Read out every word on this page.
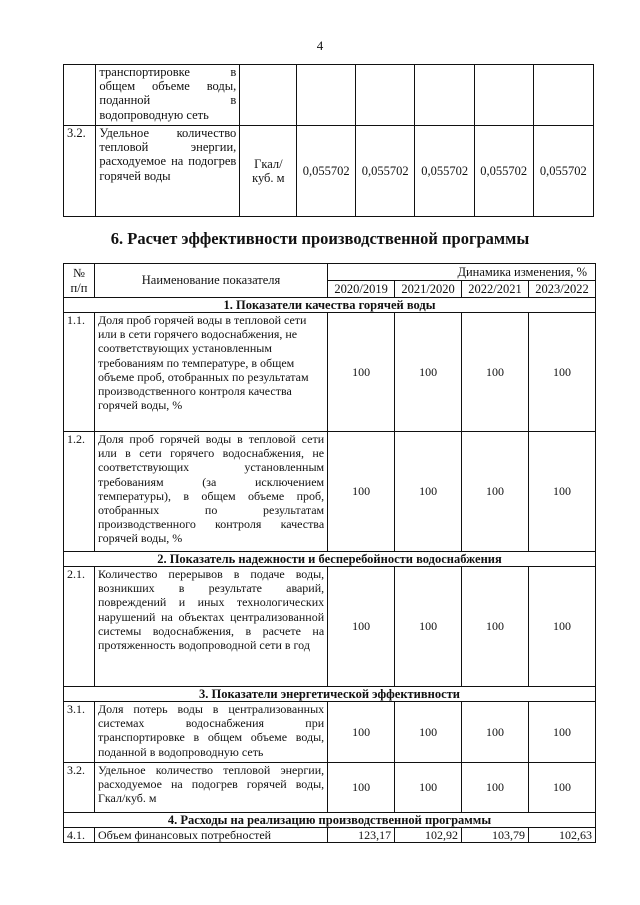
4
	транспортировке в общем объеме воды, поданной в водопроводную сеть						
3.2.	Удельное количество тепловой энергии, расходуемое на подогрев горячей воды	Гкал/ куб. м	0,055702	0,055702	0,055702	0,055702	0,055702
6. Расчет эффективности производственной программы
№ п/п	Наименование показателя	Динамика изменения, %			
		2020/2019	2021/2020	2022/2021	2023/2022
1. Показатели качества горячей воды					
1.1.	Доля проб горячей воды в тепловой сети или в сети горячего водоснабжения, не соответствующих установленным требованиям по температуре, в общем объеме проб, отобранных по результатам производственного контроля качества горячей воды, %	100	100	100	100
1.2.	Доля проб горячей воды в тепловой сети или в сети горячего водоснабжения, не соответствующих установленным требованиям (за исключением температуры), в общем объеме проб, отобранных по результатам производственного контроля качества горячей воды, %	100	100	100	100
2. Показатель надежности и бесперебойности водоснабжения					
2.1.	Количество перерывов в подаче воды, возникших в результате аварий, повреждений и иных технологических нарушений на объектах централизованной системы водоснабжения, в расчете на протяженность водопроводной сети в год	100	100	100	100
3. Показатели энергетической эффективности					
3.1.	Доля потерь воды в централизованных системах водоснабжения при транспортировке в общем объеме воды, поданной в водопроводную сеть	100	100	100	100
3.2.	Удельное количество тепловой энергии, расходуемое на подогрев горячей воды, Гкал/куб. м	100	100	100	100
4. Расходы на реализацию производственной программы					
4.1.	Объем финансовых потребностей	123,17	102,92	103,79	102,63
